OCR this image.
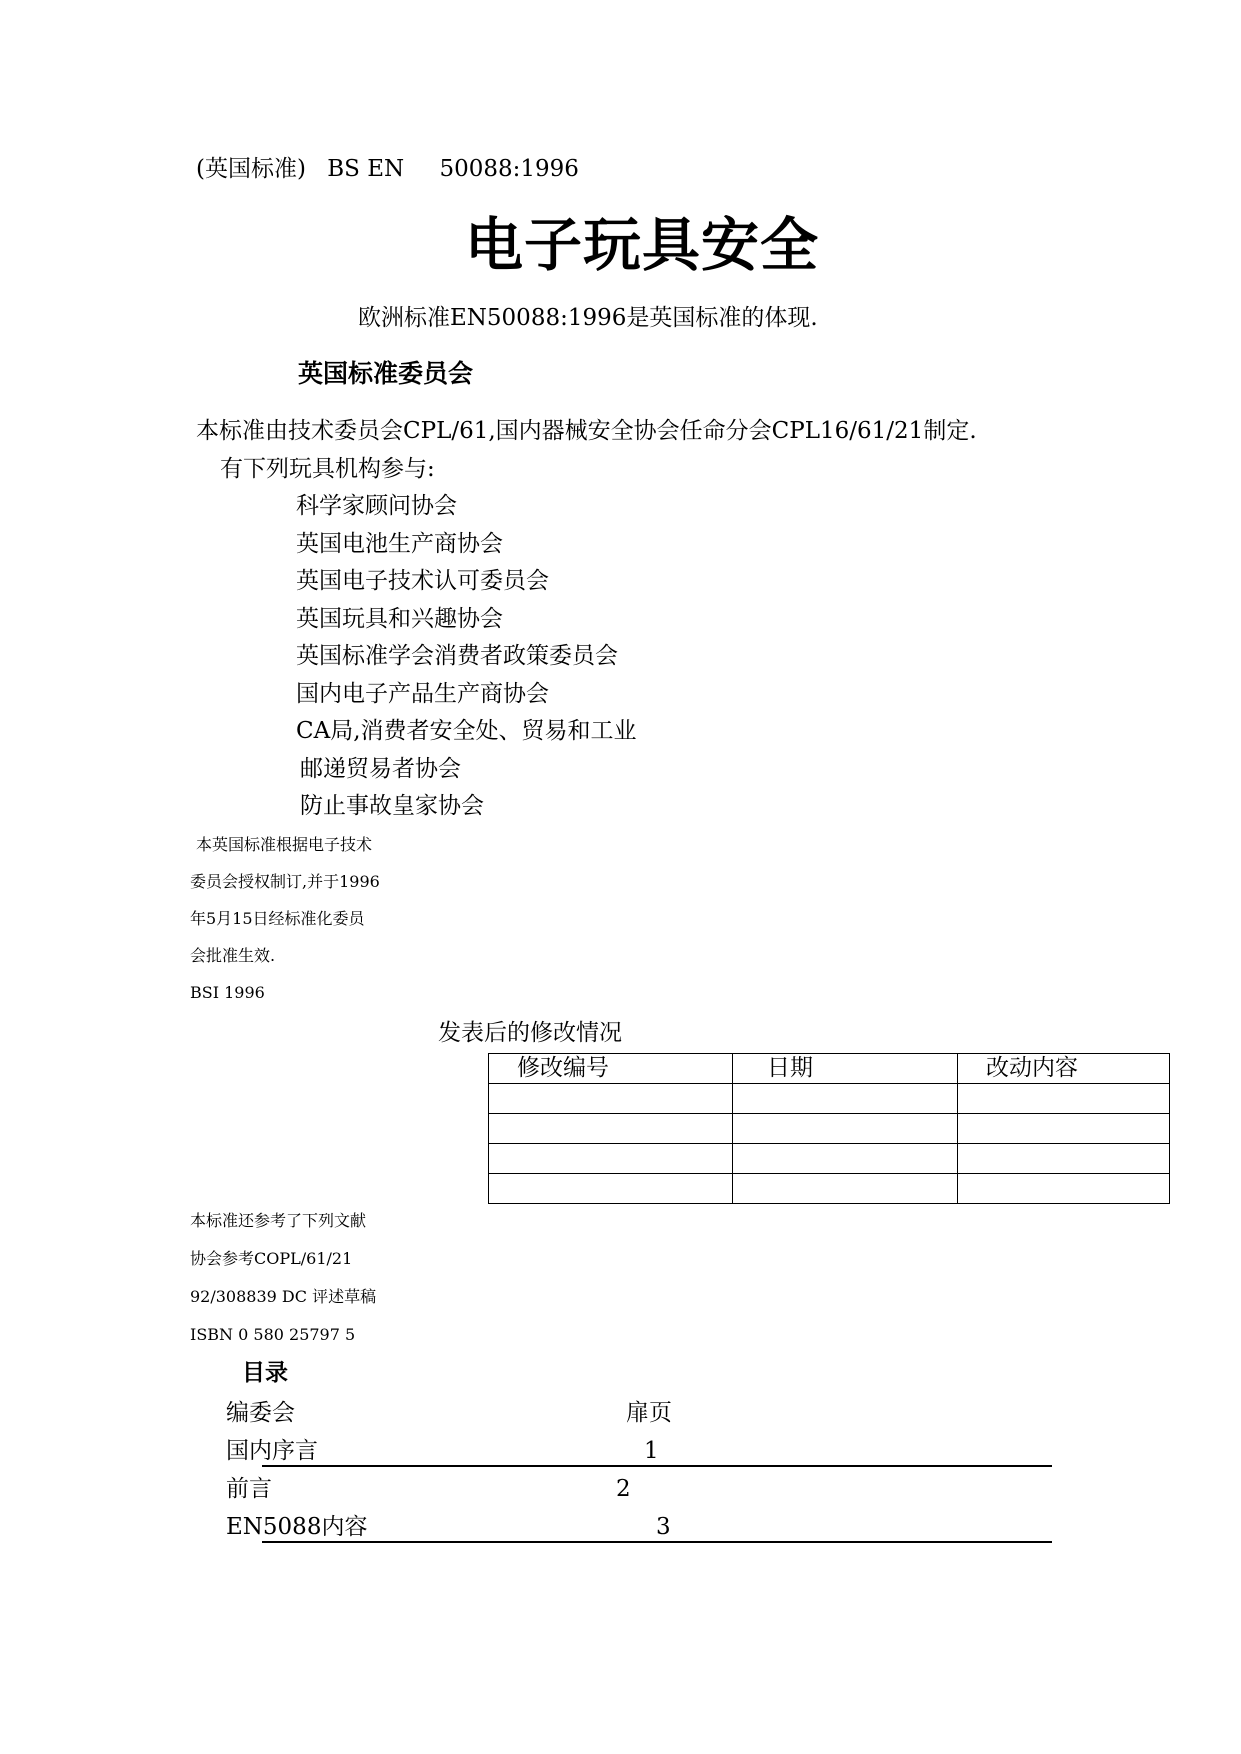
(英国标准) BS EN 50088:1996
电子玩具安全
欧洲标准EN50088:1996是英国标准的体现.
英国标准委员会
本标准由技术委员会CPL/61,国内器械安全协会任命分会CPL16/61/21制定.
有下列玩具机构参与:
科学家顾问协会
英国电池生产商协会
英国电子技术认可委员会
英国玩具和兴趣协会
英国标准学会消费者政策委员会
国内电子产品生产商协会
CA局,消费者安全处、贸易和工业
邮递贸易者协会
防止事故皇家协会
本英国标准根据电子技术
委员会授权制订,并于1996
年5月15日经标准化委员
会批准生效.
BSI 1996
发表后的修改情况
修改编号	日期	改动内容

本标准还参考了下列文献
协会参考COPL/61/21
92/308839 DC 评述草稿
ISBN 0 580 25797 5
目录
编委会	扉页
国内序言	1
前言	2
EN5088内容	3
